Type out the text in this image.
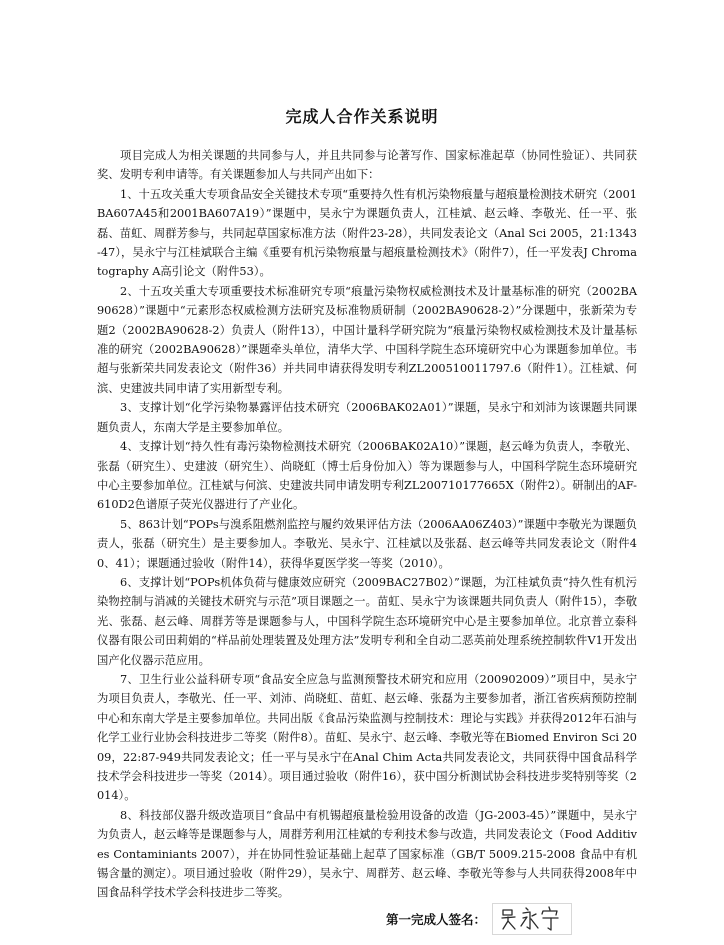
完成人合作关系说明

项目完成人为相关课题的共同参与人，并且共同参与论著写作、国家标准起草（协同性验证）、共同获奖、发明专利申请等。有关课题参加人与共同产出如下：

1、十五攻关重大专项食品安全关键技术专项“重要持久性有机污染物痕量与超痕量检测技术研究（2001BA607A45和2001BA607A19）”课题中，吴永宁为课题负责人，江桂斌、赵云峰、李敬光、任一平、张磊、苗虹、周群芳参与，共同起草国家标准方法（附件23-28），共同发表论文（Anal Sci 2005，21:1343-47），吴永宁与江桂斌联合主编《重要有机污染物痕量与超痕量检测技术》（附件7），任一平发表J Chromatography A高引论文（附件53）。

2、十五攻关重大专项重要技术标准研究专项“痕量污染物权威检测技术及计量基标准的研究（2002BA90628）”课题中“元素形态权威检测方法研究及标准物质研制（2002BA90628-2）”分课题中，张新荣为专题2（2002BA90628-2）负责人（附件13），中国计量科学研究院为“痕量污染物权威检测技术及计量基标准的研究（2002BA90628）”课题牵头单位，清华大学、中国科学院生态环境研究中心为课题参加单位。韦超与张新荣共同发表论文（附件36）并共同申请获得发明专利ZL200510011797.6（附件1）。江桂斌、何滨、史建波共同申请了实用新型专利。

3、支撑计划“化学污染物暴露评估技术研究（2006BAK02A01）”课题，吴永宁和刘沛为该课题共同课题负责人，东南大学是主要参加单位。

4、支撑计划“持久性有毒污染物检测技术研究（2006BAK02A10）”课题，赵云峰为负责人，李敬光、张磊（研究生）、史建波（研究生）、尚晓虹（博士后身份加入）等为课题参与人，中国科学院生态环境研究中心主要参加单位。江桂斌与何滨、史建波共同申请发明专利ZL200710177665X（附件2）。研制出的AF-610D2色谱原子荧光仪器进行了产业化。

5、863计划“POPs与溴系阻燃剂监控与履约效果评估方法（2006AA06Z403）”课题中李敬光为课题负责人，张磊（研究生）是主要参加人。李敬光、吴永宁、江桂斌以及张磊、赵云峰等共同发表论文（附件40、41）；课题通过验收（附件14），获得华夏医学奖一等奖（2010）。

6、支撑计划“POPs机体负荷与健康效应研究（2009BAC27B02）”课题，为江桂斌负责“持久性有机污染物控制与消减的关键技术研究与示范”项目课题之一。苗虹、吴永宁为该课题共同负责人（附件15），李敬光、张磊、赵云峰、周群芳等是课题参与人，中国科学院生态环境研究中心是主要参加单位。北京普立泰科仪器有限公司田莉娟的“样品前处理装置及处理方法”发明专利和全自动二恶英前处理系统控制软件V1开发出国产化仪器示范应用。

7、卫生行业公益科研专项“食品安全应急与监测预警技术研究和应用（200902009）”项目中，吴永宁为项目负责人，李敬光、任一平、刘沛、尚晓虹、苗虹、赵云峰、张磊为主要参加者，浙江省疾病预防控制中心和东南大学是主要参加单位。共同出版《食品污染监测与控制技术：理论与实践》并获得2012年石油与化学工业行业协会科技进步二等奖（附件8）。苗虹、吴永宁、赵云峰、李敬光等在Biomed Environ Sci 2009，22:87-949共同发表论文；任一平与吴永宁在Anal Chim Acta共同发表论文，共同获得中国食品科学技术学会科技进步一等奖（2014）。项目通过验收（附件16），获中国分析测试协会科技进步奖特别等奖（2014）。

8、科技部仪器升级改造项目“食品中有机锡超痕量检验用设备的改造（JG-2003-45）”课题中，吴永宁为负责人，赵云峰等是课题参与人，周群芳利用江桂斌的专利技术参与改造，共同发表论文（Food Additives Contaminiants 2007），并在协同性验证基础上起草了国家标准（GB/T 5009.215-2008 食品中有机锡含量的测定）。项目通过验收（附件29），吴永宁、周群芳、赵云峰、李敬光等参与人共同获得2008年中国食品科学技术学会科技进步二等奖。

第一完成人签名：
